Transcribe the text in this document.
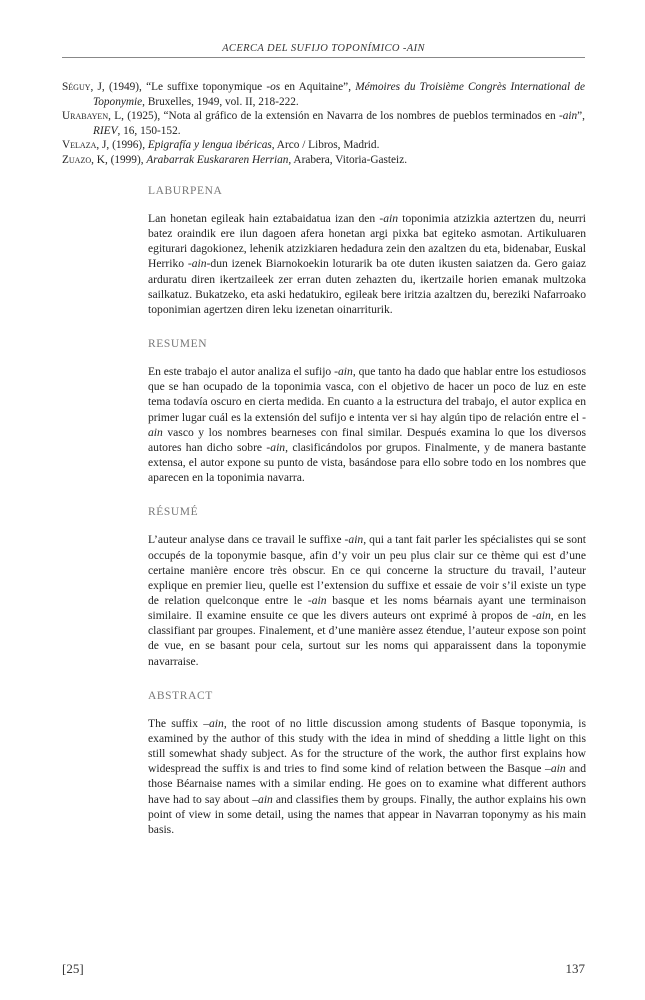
ACERCA DEL SUFIJO TOPONÍMICO -AIN

Séguy, J, (1949), “Le suffixe toponymique -os en Aquitaine”, Mémoires du Troisième Congrès International de Toponymie, Bruxelles, 1949, vol. II, 218-222.

Urabayen, L, (1925), “Nota al gráfico de la extensión en Navarra de los nombres de pueblos terminados en -ain”, RIEV, 16, 150-152.

Velaza, J, (1996), Epigrafía y lengua ibéricas, Arco / Libros, Madrid.

Zuazo, K, (1999), Arabarrak Euskararen Herrian, Arabera, Vitoria-Gasteiz.

LABURPENA

Lan honetan egileak hain eztabaidatua izan den -ain toponimia atzizkia aztertzen du, neurri batez oraindik ere ilun dagoen afera honetan argi pixka bat egiteko asmotan. Artikuluaren egiturari dagokionez, lehenik atzizkiaren hedadura zein den azaltzen du eta, bidenabar, Euskal Herriko -ain-dun izenek Biarnokoekin loturarik ba ote duten ikusten saiatzen da. Gero gaiaz arduratu diren ikertzaileek zer erran duten zehazten du, ikertzaile horien emanak multzoka sailkatuz. Bukatzeko, eta aski hedatukiro, egileak bere iritzia azaltzen du, bereziki Nafarroako toponimian agertzen diren leku izenetan oinarriturik.

RESUMEN

En este trabajo el autor analiza el sufijo -ain, que tanto ha dado que hablar entre los estudiosos que se han ocupado de la toponimia vasca, con el objetivo de hacer un poco de luz en este tema todavía oscuro en cierta medida. En cuanto a la estructura del trabajo, el autor explica en primer lugar cuál es la extensión del sufijo e intenta ver si hay algún tipo de relación entre el -ain vasco y los nombres bearneses con final similar. Después examina lo que los diversos autores han dicho sobre -ain, clasificándolos por grupos. Finalmente, y de manera bastante extensa, el autor expone su punto de vista, basándose para ello sobre todo en los nombres que aparecen en la toponimia navarra.

RÉSUMÉ

L’auteur analyse dans ce travail le suffixe -ain, qui a tant fait parler les spécialistes qui se sont occupés de la toponymie basque, afin d’y voir un peu plus clair sur ce thème qui est d’une certaine manière encore très obscur. En ce qui concerne la structure du travail, l’auteur explique en premier lieu, quelle est l’extension du suffixe et essaie de voir s’il existe un type de relation quelconque entre le -ain basque et les noms béarnais ayant une terminaison similaire. Il examine ensuite ce que les divers auteurs ont exprimé à propos de -ain, en les classifiant par groupes. Finalement, et d’une manière assez étendue, l’auteur expose son point de vue, en se basant pour cela, surtout sur les noms qui apparaissent dans la toponymie navarraise.

ABSTRACT

The suffix –ain, the root of no little discussion among students of Basque toponymia, is examined by the author of this study with the idea in mind of shedding a little light on this still somewhat shady subject. As for the structure of the work, the author first explains how widespread the suffix is and tries to find some kind of relation between the Basque –ain and those Béarnaise names with a similar ending. He goes on to examine what different authors have had to say about –ain and classifies them by groups. Finally, the author explains his own point of view in some detail, using the names that appear in Navarran toponymy as his main basis.

[25]	137
